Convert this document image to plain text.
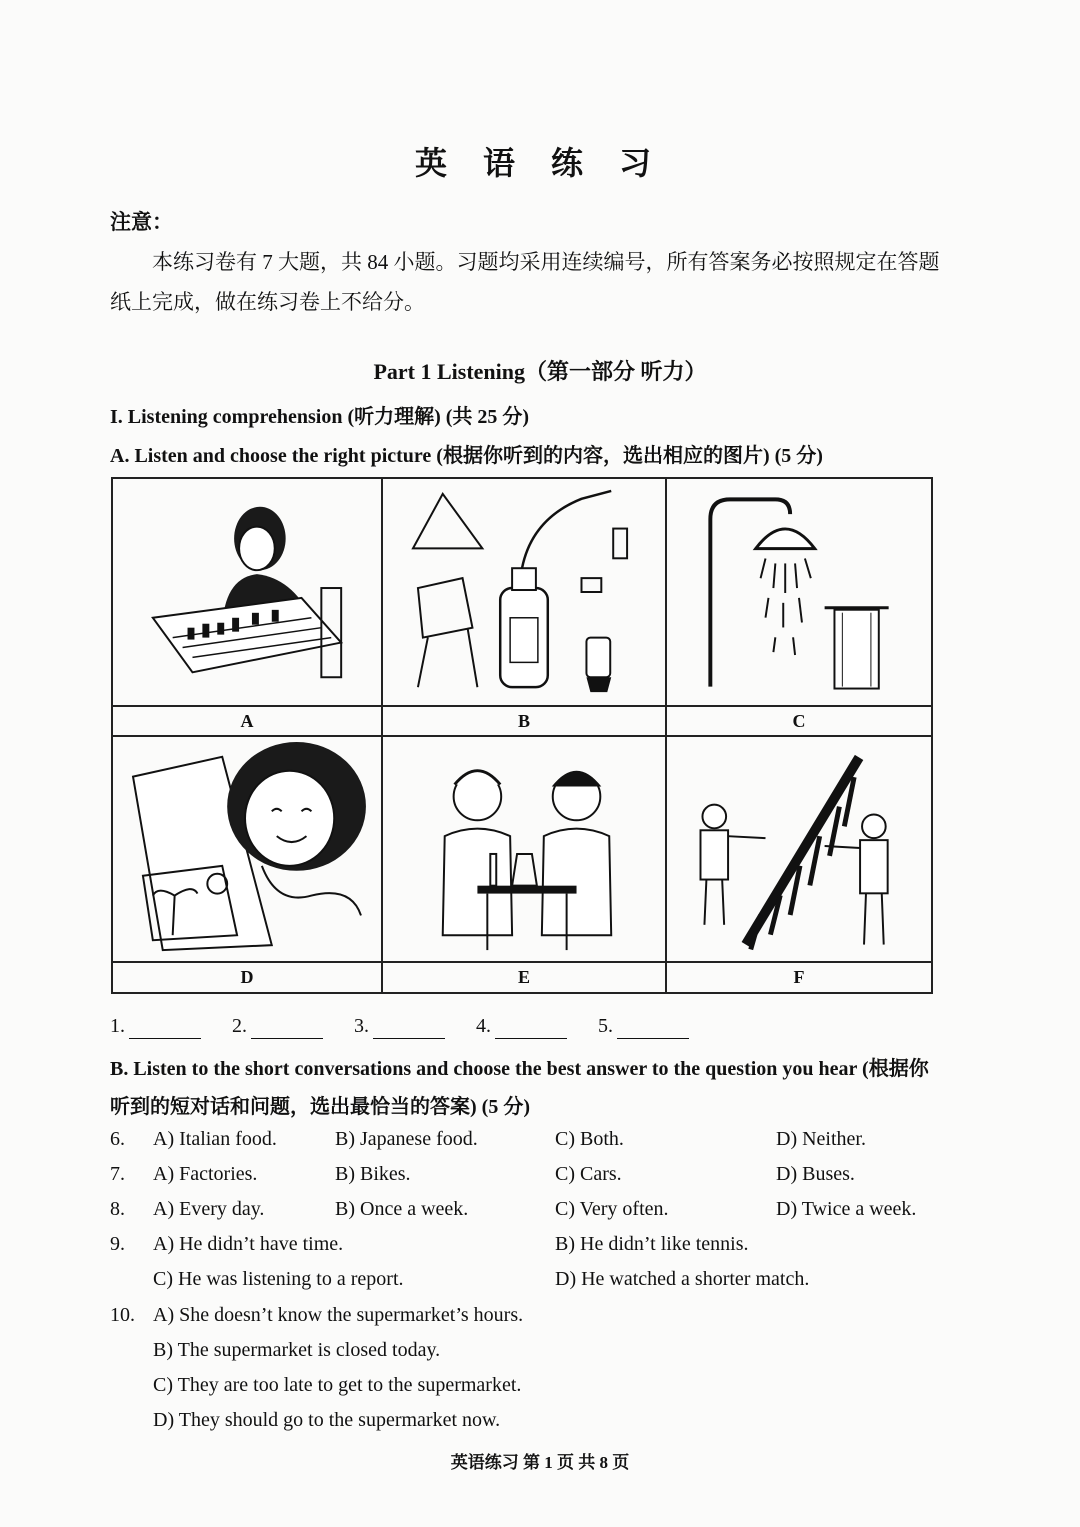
英 语 练 习
注意：
本练习卷有 7 大题，共 84 小题。习题均采用连续编号，所有答案务必按照规定在答题纸上完成，做在练习卷上不给分。
Part 1 Listening（第一部分 听力）
I. Listening comprehension (听力理解) (共 25 分)
A. Listen and choose the right picture (根据你听到的内容，选出相应的图片) (5 分)
A	B	C
D	E	F
1.	2.	3.	4.	5.
B. Listen to the short conversations and choose the best answer to the question you hear (根据你听到的短对话和问题，选出最恰当的答案) (5 分)
6. A) Italian food.	B) Japanese food.	C) Both.	D) Neither.
7. A) Factories.	B) Bikes.	C) Cars.	D) Buses.
8. A) Every day.	B) Once a week.	C) Very often.	D) Twice a week.
9. A) He didn’t have time.	B) He didn’t like tennis.
C) He was listening to a report.	D) He watched a shorter match.
10. A) She doesn’t know the supermarket’s hours.
B) The supermarket is closed today.
C) They are too late to get to the supermarket.
D) They should go to the supermarket now.
英语练习 第 1 页 共 8 页
